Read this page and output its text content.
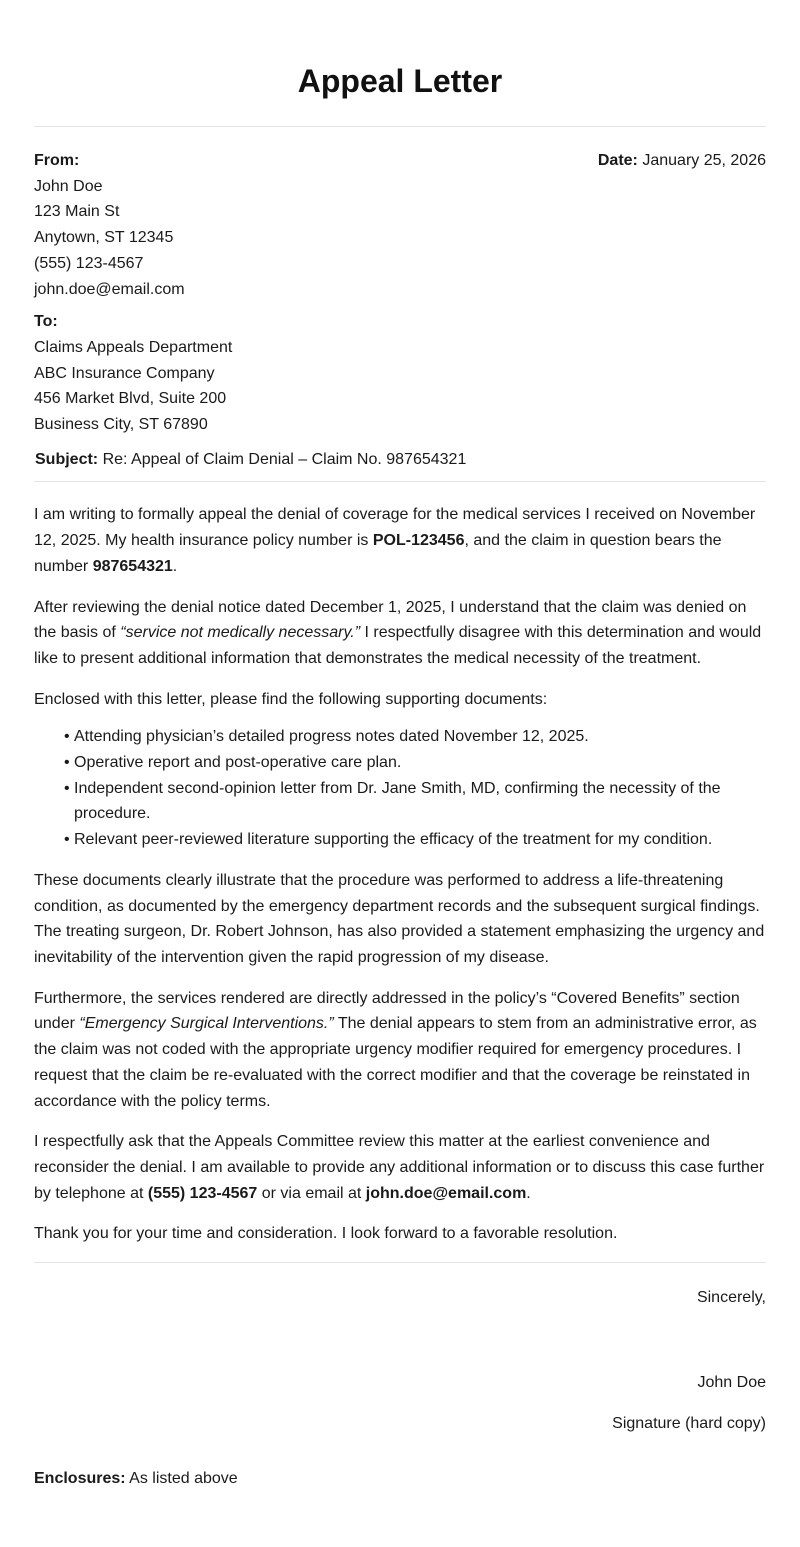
Appeal Letter
Date: January 25, 2026
From:
John Doe
123 Main St
Anytown, ST 12345
(555) 123-4567
john.doe@email.com
To:
Claims Appeals Department
ABC Insurance Company
456 Market Blvd, Suite 200
Business City, ST 67890
Subject: Re: Appeal of Claim Denial – Claim No. 987654321

I am writing to formally appeal the denial of coverage for the medical services I received on November 12, 2025. My health insurance policy number is POL-123456, and the claim in question bears the number 987654321.

After reviewing the denial notice dated December 1, 2025, I understand that the claim was denied on the basis of “service not medically necessary.” I respectfully disagree with this determination and would like to present additional information that demonstrates the medical necessity of the treatment.

Enclosed with this letter, please find the following supporting documents:

• Attending physician’s detailed progress notes dated November 12, 2025.
• Operative report and post-operative care plan.
• Independent second-opinion letter from Dr. Jane Smith, MD, confirming the necessity of the procedure.
• Relevant peer-reviewed literature supporting the efficacy of the treatment for my condition.

These documents clearly illustrate that the procedure was performed to address a life-threatening condition, as documented by the emergency department records and the subsequent surgical findings. The treating surgeon, Dr. Robert Johnson, has also provided a statement emphasizing the urgency and inevitability of the intervention given the rapid progression of my disease.

Furthermore, the services rendered are directly addressed in the policy’s “Covered Benefits” section under “Emergency Surgical Interventions.” The denial appears to stem from an administrative error, as the claim was not coded with the appropriate urgency modifier required for emergency procedures. I request that the claim be re-evaluated with the correct modifier and that the coverage be reinstated in accordance with the policy terms.

I respectfully ask that the Appeals Committee review this matter at the earliest convenience and reconsider the denial. I am available to provide any additional information or to discuss this case further by telephone at (555) 123-4567 or via email at john.doe@email.com.

Thank you for your time and consideration. I look forward to a favorable resolution.

Sincerely,
John Doe
Signature (hard copy)
Enclosures: As listed above
